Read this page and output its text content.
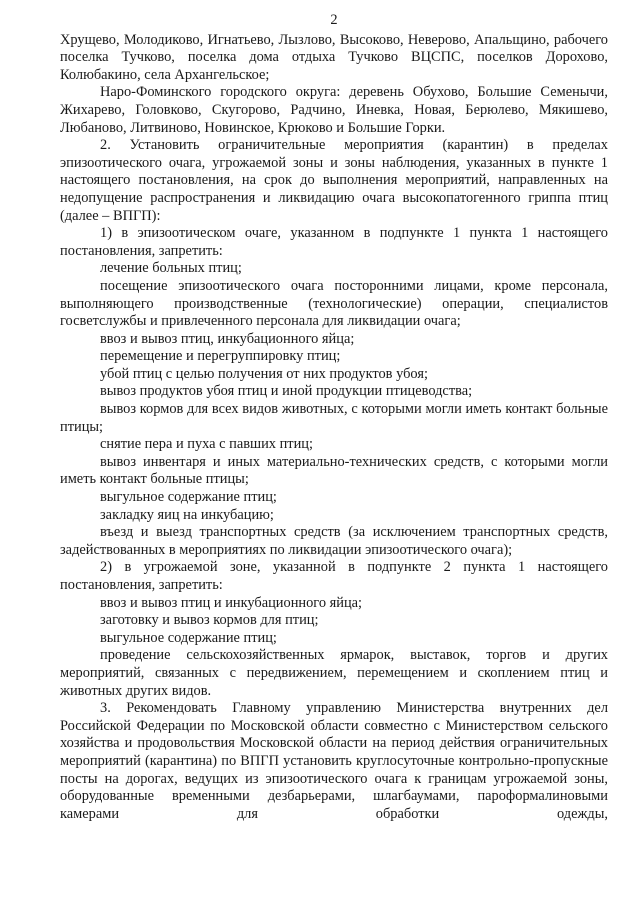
2

Хрущево, Молодиково, Игнатьево, Лызлово, Высоково, Неверово, Апальщино, рабочего поселка Тучково, поселка дома отдыха Тучково ВЦСПС, поселков Дорохово, Колюбакино, села Архангельское;

Наро-Фоминского городского округа: деревень Обухово, Большие Семенычи, Жихарево, Головково, Скугорово, Радчино, Иневка, Новая, Берюлево, Мякишево, Любаново, Литвиново, Новинское, Крюково и Большие Горки.

2. Установить ограничительные мероприятия (карантин) в пределах эпизоотического очага, угрожаемой зоны и зоны наблюдения, указанных в пункте 1 настоящего постановления, на срок до выполнения мероприятий, направленных на недопущение распространения и ликвидацию очага высокопатогенного гриппа птиц (далее – ВПГП):

1) в эпизоотическом очаге, указанном в подпункте 1 пункта 1 настоящего постановления, запретить:

лечение больных птиц;

посещение эпизоотического очага посторонними лицами, кроме персонала, выполняющего производственные (технологические) операции, специалистов госветслужбы и привлеченного персонала для ликвидации очага;

ввоз и вывоз птиц, инкубационного яйца;

перемещение и перегруппировку птиц;

убой птиц с целью получения от них продуктов убоя;

вывоз продуктов убоя птиц и иной продукции птицеводства;

вывоз кормов для всех видов животных, с которыми могли иметь контакт больные птицы;

снятие пера и пуха с павших птиц;

вывоз инвентаря и иных материально-технических средств, с которыми могли иметь контакт больные птицы;

выгульное содержание птиц;

закладку яиц на инкубацию;

въезд и выезд транспортных средств (за исключением транспортных средств, задействованных в мероприятиях по ликвидации эпизоотического очага);

2) в угрожаемой зоне, указанной в подпункте 2 пункта 1 настоящего постановления, запретить:

ввоз и вывоз птиц и инкубационного яйца;

заготовку и вывоз кормов для птиц;

выгульное содержание птиц;

проведение сельскохозяйственных ярмарок, выставок, торгов и других мероприятий, связанных с передвижением, перемещением и скоплением птиц и животных других видов.

3. Рекомендовать Главному управлению Министерства внутренних дел Российской Федерации по Московской области совместно с Министерством сельского хозяйства и продовольствия Московской области на период действия ограничительных мероприятий (карантина) по ВПГП установить круглосуточные контрольно-пропускные посты на дорогах, ведущих из эпизоотического очага к границам угрожаемой зоны, оборудованные временными дезбарьерами, шлагбаумами, пароформалиновыми камерами для обработки одежды,
